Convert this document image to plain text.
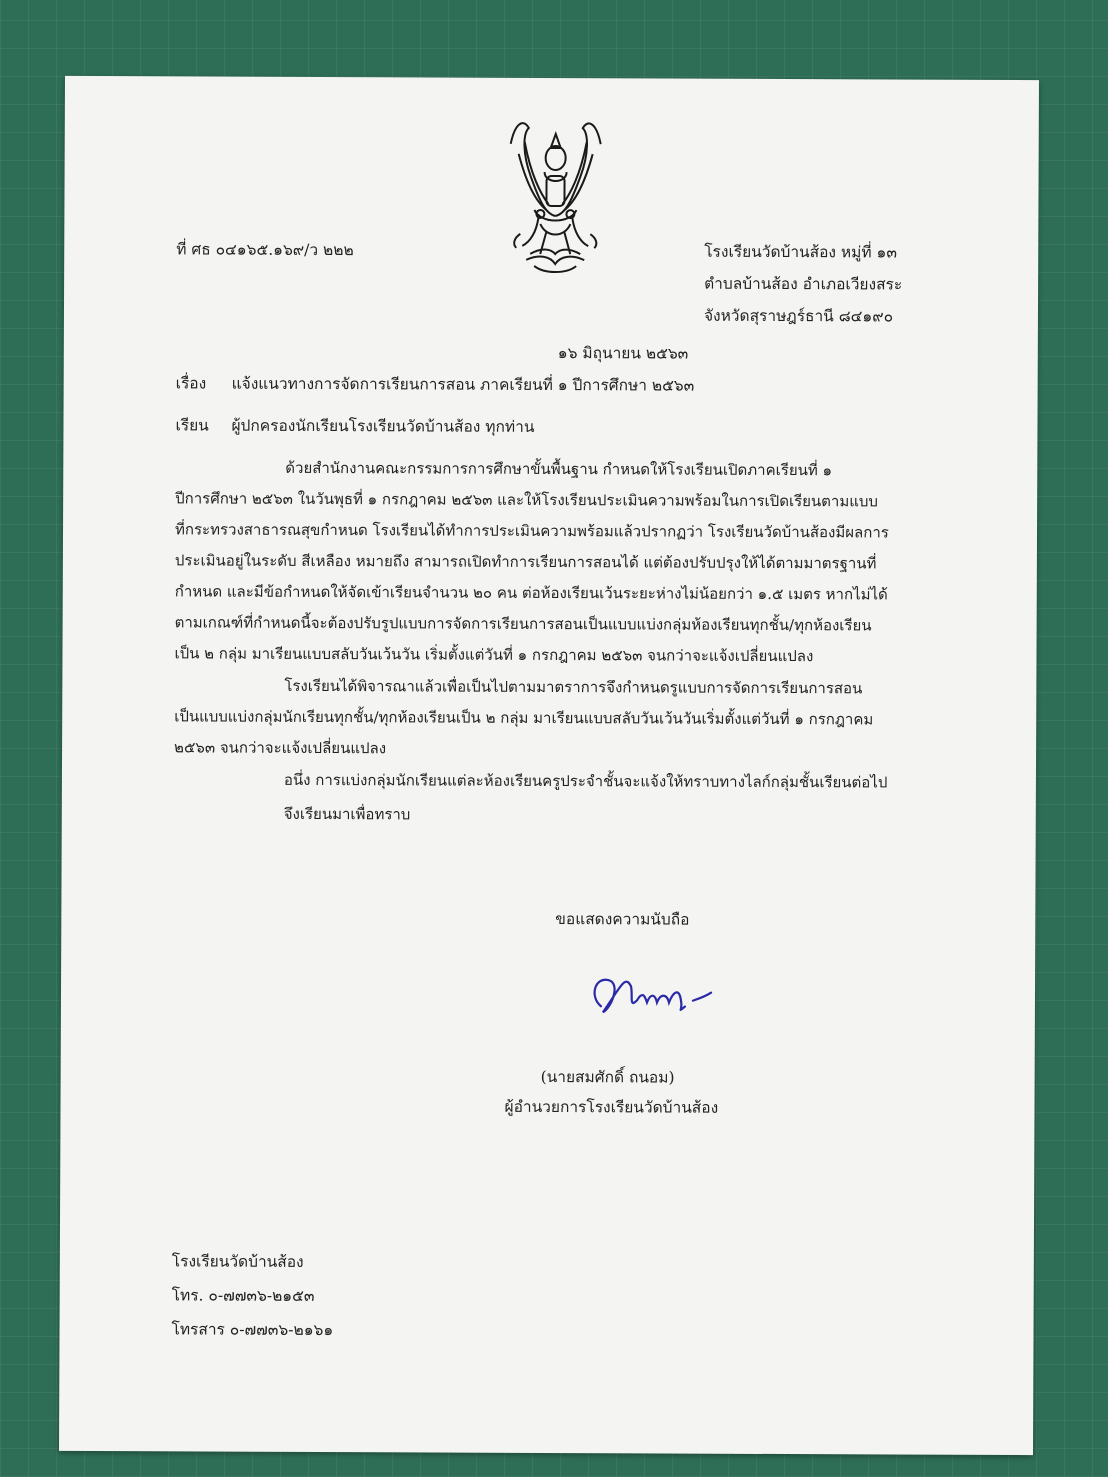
ที่ ศธ ๐๔๑๖๕.๑๖๙/ว ๒๒๒	โรงเรียนวัดบ้านส้อง หมู่ที่ ๑๓
ตำบลบ้านส้อง อำเภอเวียงสระ
จังหวัดสุราษฎร์ธานี ๘๔๑๙๐
๑๖ มิถุนายน ๒๕๖๓
เรื่อง แจ้งแนวทางการจัดการเรียนการสอน ภาคเรียนที่ ๑ ปีการศึกษา ๒๕๖๓
เรียน ผู้ปกครองนักเรียนโรงเรียนวัดบ้านส้อง ทุกท่าน
ด้วยสำนักงานคณะกรรมการการศึกษาขั้นพื้นฐาน กำหนดให้โรงเรียนเปิดภาคเรียนที่ ๑
ปีการศึกษา ๒๕๖๓ ในวันพุธที่ ๑ กรกฎาคม ๒๕๖๓ และให้โรงเรียนประเมินความพร้อมในการเปิดเรียนตามแบบ
ที่กระทรวงสาธารณสุขกำหนด โรงเรียนได้ทำการประเมินความพร้อมแล้วปรากฏว่า โรงเรียนวัดบ้านส้องมีผลการ
ประเมินอยู่ในระดับ สีเหลือง หมายถึง สามารถเปิดทำการเรียนการสอนได้ แต่ต้องปรับปรุงให้ได้ตามมาตรฐานที่
กำหนด และมีข้อกำหนดให้จัดเข้าเรียนจำนวน ๒๐ คน ต่อห้องเรียนเว้นระยะห่างไม่น้อยกว่า ๑.๕ เมตร หากไม่ได้
ตามเกณฑ์ที่กำหนดนี้จะต้องปรับรูปแบบการจัดการเรียนการสอนเป็นแบบแบ่งกลุ่มห้องเรียนทุกชั้น/ทุกห้องเรียน
เป็น ๒ กลุ่ม มาเรียนแบบสลับวันเว้นวัน เริ่มตั้งแต่วันที่ ๑ กรกฎาคม ๒๕๖๓ จนกว่าจะแจ้งเปลี่ยนแปลง
โรงเรียนได้พิจารณาแล้วเพื่อเป็นไปตามมาตราการจึงกำหนดรูแบบการจัดการเรียนการสอน
เป็นแบบแบ่งกลุ่มนักเรียนทุกชั้น/ทุกห้องเรียนเป็น ๒ กลุ่ม มาเรียนแบบสลับวันเว้นวันเริ่มตั้งแต่วันที่ ๑ กรกฎาคม
๒๕๖๓ จนกว่าจะแจ้งเปลี่ยนแปลง
อนึ่ง การแบ่งกลุ่มนักเรียนแต่ละห้องเรียนครูประจำชั้นจะแจ้งให้ทราบทางไลก์กลุ่มชั้นเรียนต่อไป
จึงเรียนมาเพื่อทราบ
ขอแสดงความนับถือ
(นายสมศักดิ์ ถนอม)
ผู้อำนวยการโรงเรียนวัดบ้านส้อง
โรงเรียนวัดบ้านส้อง
โทร. ๐-๗๗๓๖-๒๑๕๓
โทรสาร ๐-๗๗๓๖-๒๑๖๑
